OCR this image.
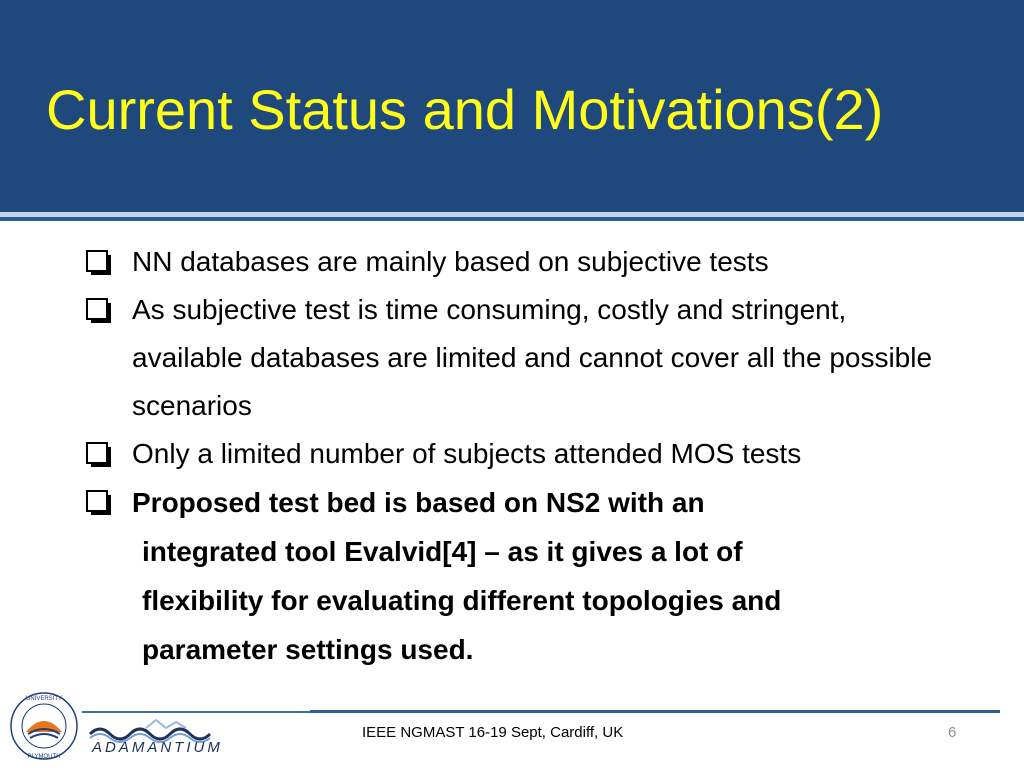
Current Status and Motivations(2)
NN databases are mainly based on subjective tests
As subjective test is time consuming, costly and stringent, available databases are limited and cannot cover all the possible scenarios
Only a limited number of subjects attended MOS tests
Proposed test bed is based on NS2 with an
integrated tool Evalvid[4] – as it gives a lot of
flexibility for evaluating different topologies and
parameter settings used.
UNIVERSITY
PLYMOUTH
ADAMANTIUM
IEEE NGMAST 16-19 Sept, Cardiff, UK	6
